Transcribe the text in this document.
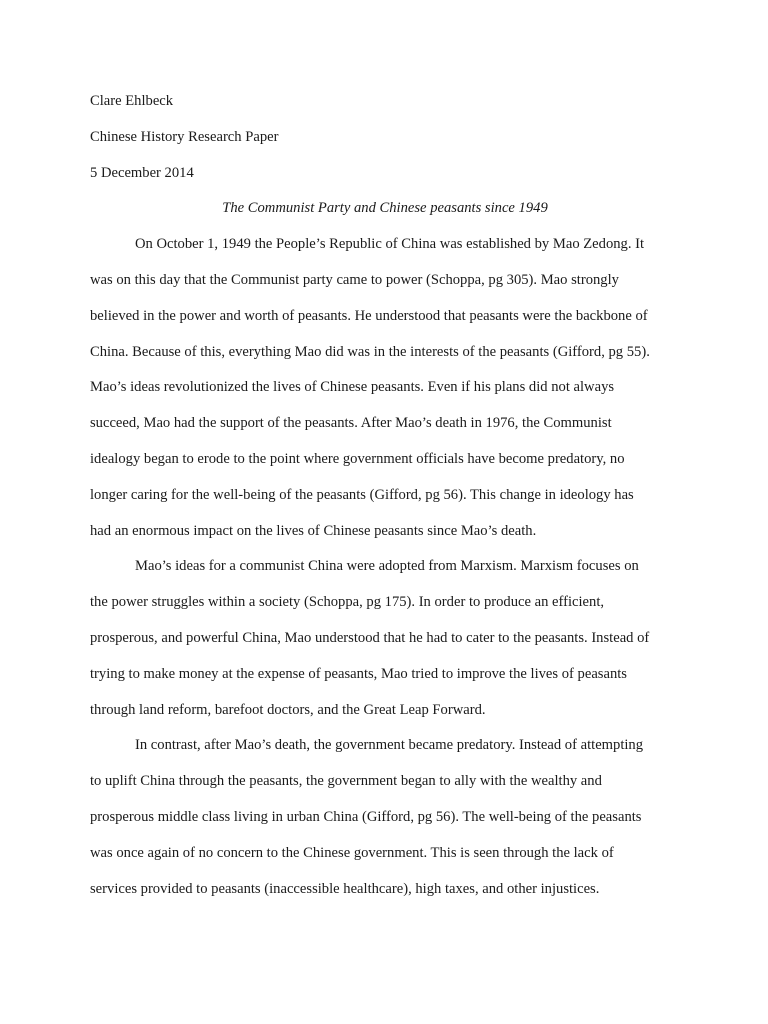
Clare Ehlbeck

Chinese History Research Paper

5 December 2014

The Communist Party and Chinese peasants since 1949

On October 1, 1949 the People’s Republic of China was established by Mao Zedong. It

was on this day that the Communist party came to power (Schoppa, pg 305). Mao strongly

believed in the power and worth of peasants. He understood that peasants were the backbone of

China. Because of this, everything Mao did was in the interests of the peasants (Gifford, pg 55).

Mao’s ideas revolutionized the lives of Chinese peasants. Even if his plans did not always

succeed, Mao had the support of the peasants. After Mao’s death in 1976, the Communist

idealogy began to erode to the point where government officials have become predatory, no

longer caring for the well-being of the peasants (Gifford, pg 56). This change in ideology has

had an enormous impact on the lives of Chinese peasants since Mao’s death.

Mao’s ideas for a communist China were adopted from Marxism. Marxism focuses on

the power struggles within a society (Schoppa, pg 175). In order to produce an efficient,

prosperous, and powerful China, Mao understood that he had to cater to the peasants. Instead of

trying to make money at the expense of peasants, Mao tried to improve the lives of peasants

through land reform, barefoot doctors, and the Great Leap Forward.

In contrast, after Mao’s death, the government became predatory. Instead of attempting

to uplift China through the peasants, the government began to ally with the wealthy and

prosperous middle class living in urban China (Gifford, pg 56). The well-being of the peasants

was once again of no concern to the Chinese government. This is seen through the lack of

services provided to peasants (inaccessible healthcare), high taxes, and other injustices.
